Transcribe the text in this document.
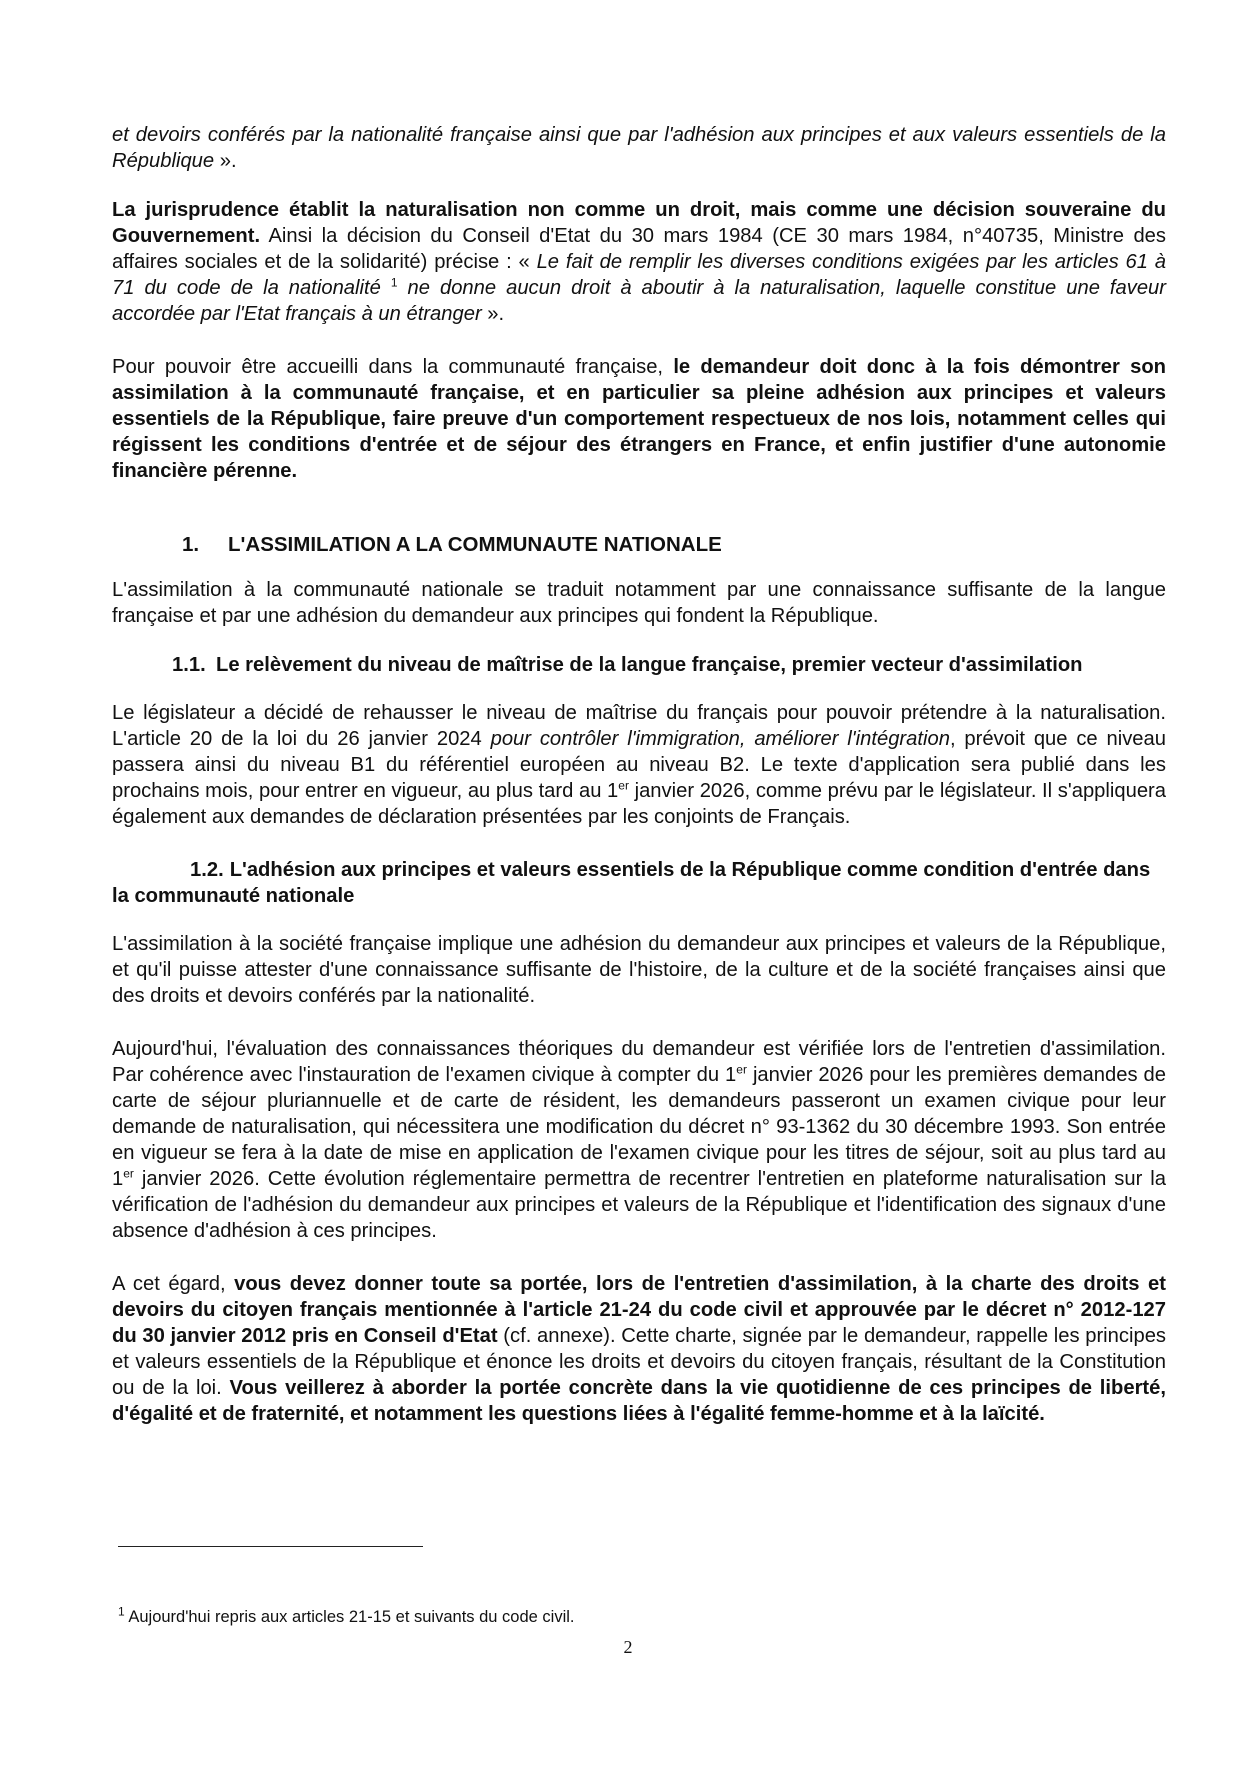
et devoirs conférés par la nationalité française ainsi que par l'adhésion aux principes et aux valeurs essentiels de la République ».

La jurisprudence établit la naturalisation non comme un droit, mais comme une décision souveraine du Gouvernement. Ainsi la décision du Conseil d'Etat du 30 mars 1984 (CE 30 mars 1984, n°40735, Ministre des affaires sociales et de la solidarité) précise : « Le fait de remplir les diverses conditions exigées par les articles 61 à 71 du code de la nationalité $^1$ ne donne aucun droit à aboutir à la naturalisation, laquelle constitue une faveur accordée par l'Etat français à un étranger ».

Pour pouvoir être accueilli dans la communauté française, le demandeur doit donc à la fois démontrer son assimilation à la communauté française, et en particulier sa pleine adhésion aux principes et valeurs essentiels de la République, faire preuve d'un comportement respectueux de nos lois, notamment celles qui régissent les conditions d'entrée et de séjour des étrangers en France, et enfin justifier d'une autonomie financière pérenne.

1. L'ASSIMILATION A LA COMMUNAUTE NATIONALE

L'assimilation à la communauté nationale se traduit notamment par une connaissance suffisante de la langue française et par une adhésion du demandeur aux principes qui fondent la République.

1.1. Le relèvement du niveau de maîtrise de la langue française, premier vecteur d'assimilation

Le législateur a décidé de rehausser le niveau de maîtrise du français pour pouvoir prétendre à la naturalisation. L'article 20 de la loi du 26 janvier 2024 pour contrôler l'immigration, améliorer l'intégration, prévoit que ce niveau passera ainsi du niveau B1 du référentiel européen au niveau B2. Le texte d'application sera publié dans les prochains mois, pour entrer en vigueur, au plus tard au 1er janvier 2026, comme prévu par le législateur. Il s'appliquera également aux demandes de déclaration présentées par les conjoints de Français.

1.2. L'adhésion aux principes et valeurs essentiels de la République comme condition d'entrée dans la communauté nationale

L'assimilation à la société française implique une adhésion du demandeur aux principes et valeurs de la République, et qu'il puisse attester d'une connaissance suffisante de l'histoire, de la culture et de la société françaises ainsi que des droits et devoirs conférés par la nationalité.

Aujourd'hui, l'évaluation des connaissances théoriques du demandeur est vérifiée lors de l'entretien d'assimilation. Par cohérence avec l'instauration de l'examen civique à compter du 1er janvier 2026 pour les premières demandes de carte de séjour pluriannuelle et de carte de résident, les demandeurs passeront un examen civique pour leur demande de naturalisation, qui nécessitera une modification du décret n° 93-1362 du 30 décembre 1993. Son entrée en vigueur se fera à la date de mise en application de l'examen civique pour les titres de séjour, soit au plus tard au 1er janvier 2026. Cette évolution réglementaire permettra de recentrer l'entretien en plateforme naturalisation sur la vérification de l'adhésion du demandeur aux principes et valeurs de la République et l'identification des signaux d'une absence d'adhésion à ces principes.

A cet égard, vous devez donner toute sa portée, lors de l'entretien d'assimilation, à la charte des droits et devoirs du citoyen français mentionnée à l'article 21-24 du code civil et approuvée par le décret n° 2012-127 du 30 janvier 2012 pris en Conseil d'Etat (cf. annexe). Cette charte, signée par le demandeur, rappelle les principes et valeurs essentiels de la République et énonce les droits et devoirs du citoyen français, résultant de la Constitution ou de la loi. Vous veillerez à aborder la portée concrète dans la vie quotidienne de ces principes de liberté, d'égalité et de fraternité, et notamment les questions liées à l'égalité femme-homme et à la laïcité.

$^1$ Aujourd'hui repris aux articles 21-15 et suivants du code civil.
2
